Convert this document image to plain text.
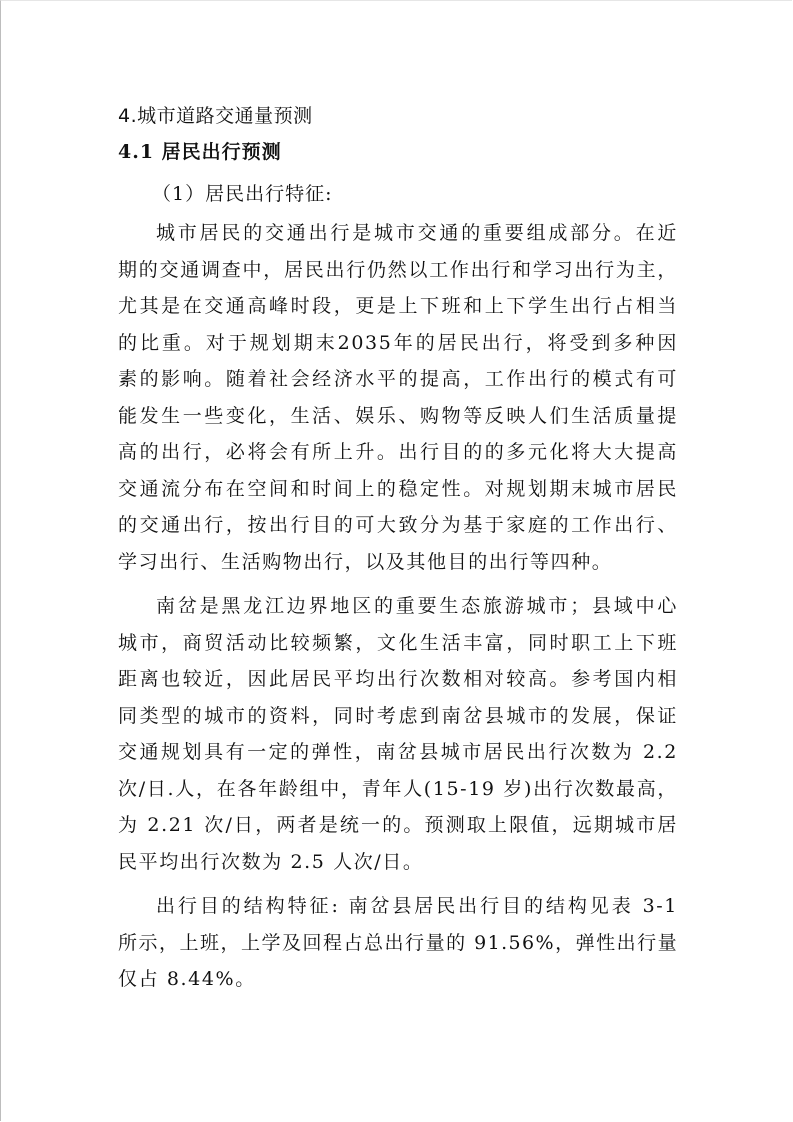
4.城市道路交通量预测
4.1 居民出行预测
（1）居民出行特征:
城市居民的交通出行是城市交通的重要组成部分。在近
期的交通调查中，居民出行仍然以工作出行和学习出行为主，
尤其是在交通高峰时段，更是上下班和上下学生出行占相当
的比重。对于规划期末2035年的居民出行，将受到多种因
素的影响。随着社会经济水平的提高，工作出行的模式有可
能发生一些变化，生活、娱乐、购物等反映人们生活质量提
高的出行，必将会有所上升。出行目的的多元化将大大提高
交通流分布在空间和时间上的稳定性。对规划期末城市居民
的交通出行，按出行目的可大致分为基于家庭的工作出行、
学习出行、生活购物出行，以及其他目的出行等四种。
南岔是黑龙江边界地区的重要生态旅游城市；县域中心
城市，商贸活动比较频繁，文化生活丰富，同时职工上下班
距离也较近，因此居民平均出行次数相对较高。参考国内相
同类型的城市的资料，同时考虑到南岔县城市的发展，保证
交通规划具有一定的弹性，南岔县城市居民出行次数为 2.2
次/日.人，在各年龄组中，青年人(15-19 岁)出行次数最高，
为 2.21 次/日，两者是统一的。预测取上限值，远期城市居
民平均出行次数为 2.5 人次/日。
出行目的结构特征: 南岔县居民出行目的结构见表 3-1
所示，上班，上学及回程占总出行量的 91.56%，弹性出行量
仅占 8.44%。
